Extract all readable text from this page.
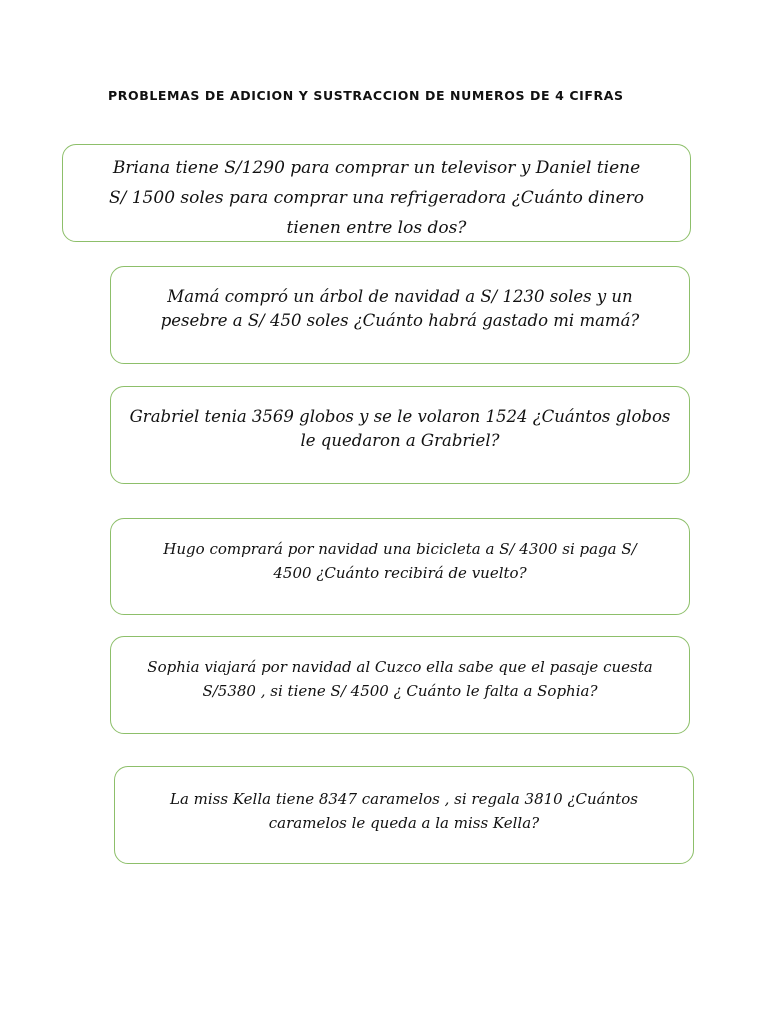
PROBLEMAS DE ADICION Y SUSTRACCION DE NUMEROS DE 4 CIFRAS
Briana tiene S/1290 para comprar un televisor y Daniel tiene
S/ 1500 soles para comprar una refrigeradora ¿Cuánto dinero
tienen entre los dos?
Mamá compró un árbol de navidad a S/ 1230 soles y un
pesebre a S/ 450 soles ¿Cuánto habrá gastado mi mamá?
Grabriel tenia 3569 globos y se le volaron 1524 ¿Cuántos globos
le quedaron a Grabriel?
Hugo comprará por navidad una bicicleta a S/ 4300 si paga S/
4500 ¿Cuánto recibirá de vuelto?
Sophia viajará por navidad al Cuzco ella sabe que el pasaje cuesta
S/5380 , si tiene S/ 4500 ¿ Cuánto le falta a Sophia?
La miss Kella tiene 8347 caramelos , si regala 3810 ¿Cuántos
caramelos le queda a la miss Kella?
